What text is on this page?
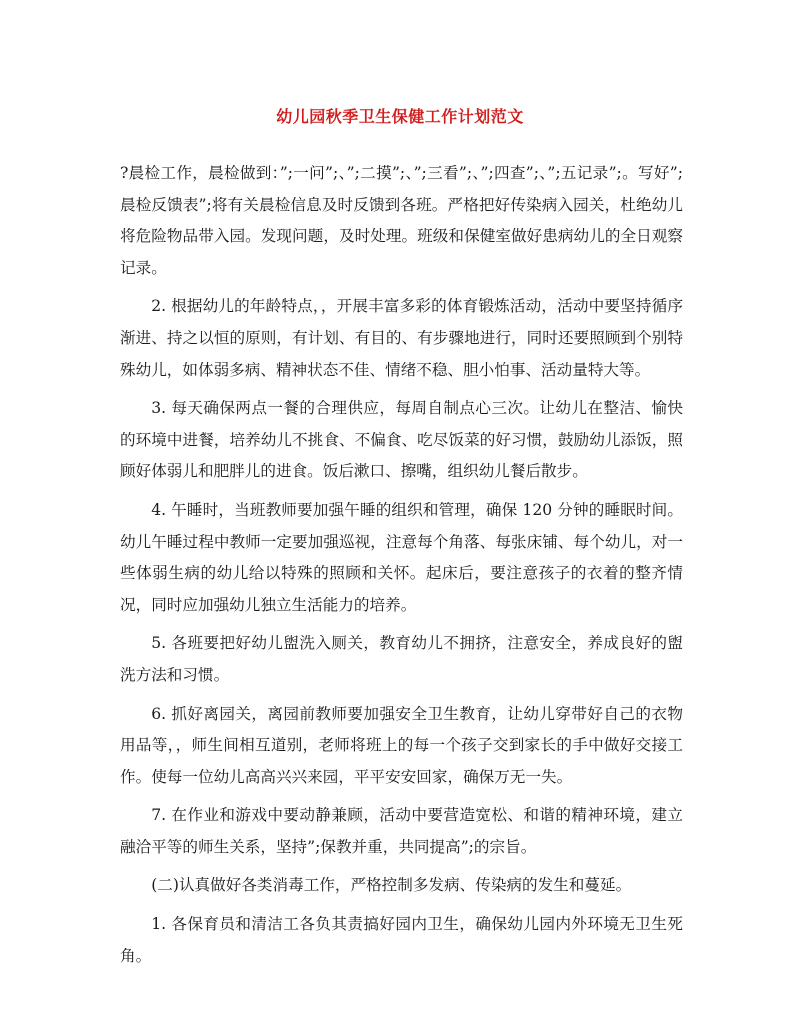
幼儿园秋季卫生保健工作计划范文

?晨检工作，晨检做到：”;一问”;、”;二摸”;、”;三看”;、”;四查”;、”;五记录”;。写好”;晨检反馈表”;将有关晨检信息及时反馈到各班。严格把好传染病入园关，杜绝幼儿将危险物品带入园。发现问题，及时处理。班级和保健室做好患病幼儿的全日观察记录。

2. 根据幼儿的年龄特点，，开展丰富多彩的体育锻炼活动，活动中要坚持循序渐进、持之以恒的原则，有计划、有目的、有步骤地进行，同时还要照顾到个别特殊幼儿，如体弱多病、精神状态不佳、情绪不稳、胆小怕事、活动量特大等。

3. 每天确保两点一餐的合理供应，每周自制点心三次。让幼儿在整洁、愉快的环境中进餐，培养幼儿不挑食、不偏食、吃尽饭菜的好习惯，鼓励幼儿添饭，照顾好体弱儿和肥胖儿的进食。饭后漱口、擦嘴，组织幼儿餐后散步。

4. 午睡时，当班教师要加强午睡的组织和管理，确保 120 分钟的睡眠时间。幼儿午睡过程中教师一定要加强巡视，注意每个角落、每张床铺、每个幼儿，对一些体弱生病的幼儿给以特殊的照顾和关怀。起床后，要注意孩子的衣着的整齐情况，同时应加强幼儿独立生活能力的培养。

5. 各班要把好幼儿盥洗入厕关，教育幼儿不拥挤，注意安全，养成良好的盥洗方法和习惯。

6. 抓好离园关，离园前教师要加强安全卫生教育，让幼儿穿带好自己的衣物用品等，，师生间相互道别，老师将班上的每一个孩子交到家长的手中做好交接工作。使每一位幼儿高高兴兴来园，平平安安回家，确保万无一失。

7. 在作业和游戏中要动静兼顾，活动中要营造宽松、和谐的精神环境，建立融洽平等的师生关系，坚持”;保教并重，共同提高”;的宗旨。

(二)认真做好各类消毒工作，严格控制多发病、传染病的发生和蔓延。

1. 各保育员和清洁工各负其责搞好园内卫生，确保幼儿园内外环境无卫生死角。
